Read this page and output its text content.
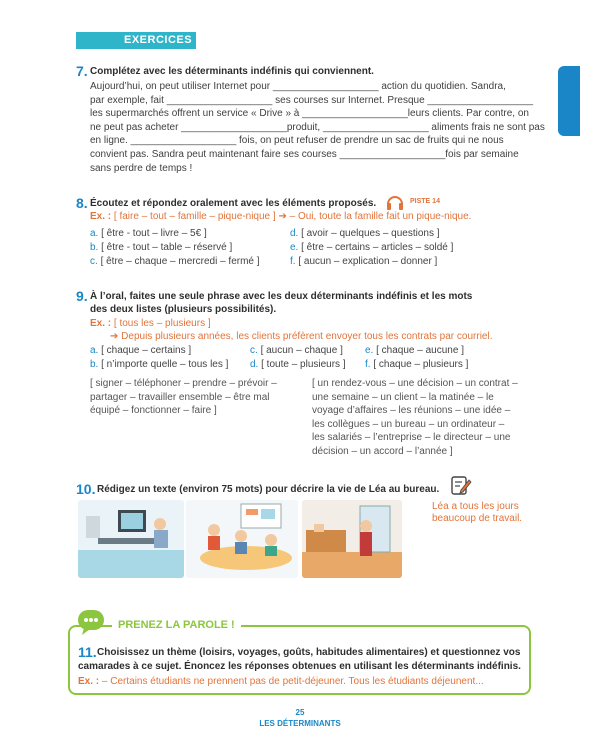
EXERCICES
7. Complétez avec les déterminants indéfinis qui conviennent.
Aujourd’hui, on peut utiliser Internet pour ___________________ action du quotidien. Sandra,
par exemple, fait ___________________ ses courses sur Internet. Presque ___________________
les supermarchés offrent un service « Drive » à ___________________leurs clients. Par contre, on
ne peut pas acheter ___________________produit, ___________________ aliments frais ne sont pas
en ligne. ___________________ fois, on peut refuser de prendre un sac de fruits qui ne nous
convient pas. Sandra peut maintenant faire ses courses ___________________fois par semaine
sans perdre de temps !
8. Écoutez et répondez oralement avec les éléments proposés.	PISTE 14
Ex. : [ faire – tout – famille – pique-nique ] ➔ – Oui, toute la famille fait un pique-nique.
a. [ être - tout – livre – 5€ ]
b. [ être - tout – table – réservé ]
c. [ être – chaque – mercredi – fermé ]
d. [ avoir – quelques – questions ]
e. [ être – certains – articles – soldé ]
f. [ aucun – explication – donner ]
9. À l’oral, faites une seule phrase avec les deux déterminants indéfinis et les mots
des deux listes (plusieurs possibilités).
Ex. : [ tous les – plusieurs ]
➔ Depuis plusieurs années, les clients préfèrent envoyer tous les contrats par courriel.
a. [ chaque – certains ]
b. [ n’importe quelle – tous les ]
c. [ aucun – chaque ]
d. [ toute – plusieurs ]
e. [ chaque – aucune ]
f. [ chaque – plusieurs ]
[ signer – téléphoner – prendre – prévoir –
partager – travailler ensemble – être mal
équipé – fonctionner – faire ]
[ un rendez-vous – une décision – un contrat –
une semaine – un client – la matinée – le
voyage d’affaires – les réunions – une idée –
les collègues – un bureau – un ordinateur –
les salariés – l’entreprise – le directeur – une
décision – un accord – l’année ]
10. Rédigez un texte (environ 75 mots) pour décrire la vie de Léa au bureau.
Léa a tous les jours
beaucoup de travail.
PRENEZ LA PAROLE !
11. Choisissez un thème (loisirs, voyages, goûts, habitudes alimentaires) et questionnez vos
camarades à ce sujet. Énoncez les réponses obtenues en utilisant les déterminants indéfinis.
Ex. : – Certains étudiants ne prennent pas de petit-déjeuner. Tous les étudiants déjeunent...
25
LES DÉTERMINANTS
